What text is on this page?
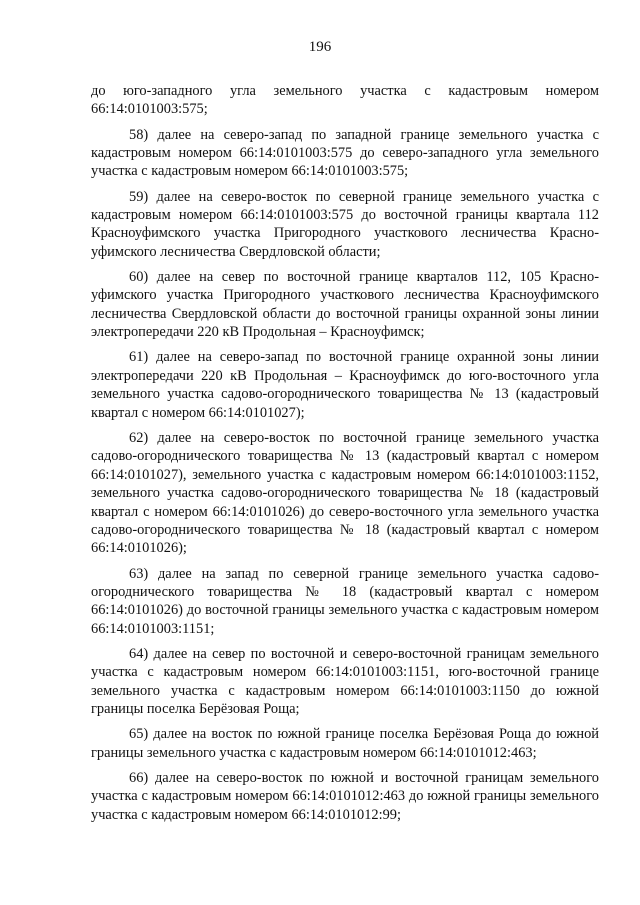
196

до юго-западного угла земельного участка с кадастровым номером 66:14:0101003:575;

58) далее на северо-запад по западной границе земельного участка с кадастровым номером 66:14:0101003:575 до северо-западного угла земельного участка с кадастровым номером 66:14:0101003:575;

59) далее на северо-восток по северной границе земельного участка с кадастровым номером 66:14:0101003:575 до восточной границы квартала 112 Красноуфимского участка Пригородного участкового лесничества Красноуфимского лесничества Свердловской области;

60) далее на север по восточной границе кварталов 112, 105 Красноуфимского участка Пригородного участкового лесничества Красноуфимского лесничества Свердловской области до восточной границы охранной зоны линии электропередачи 220 кВ Продольная – Красноуфимск;

61) далее на северо-запад по восточной границе охранной зоны линии электропередачи 220 кВ Продольная – Красноуфимск до юго-восточного угла земельного участка садово-огороднического товарищества № 13 (кадастровый квартал с номером 66:14:0101027);

62) далее на северо-восток по восточной границе земельного участка садово-огороднического товарищества № 13 (кадастровый квартал с номером 66:14:0101027), земельного участка с кадастровым номером 66:14:0101003:1152, земельного участка садово-огороднического товарищества № 18 (кадастровый квартал с номером 66:14:0101026) до северо-восточного угла земельного участка садово-огороднического товарищества № 18 (кадастровый квартал с номером 66:14:0101026);

63) далее на запад по северной границе земельного участка садово-огороднического товарищества № 18 (кадастровый квартал с номером 66:14:0101026) до восточной границы земельного участка с кадастровым номером 66:14:0101003:1151;

64) далее на север по восточной и северо-восточной границам земельного участка с кадастровым номером 66:14:0101003:1151, юго-восточной границе земельного участка с кадастровым номером 66:14:0101003:1150 до южной границы поселка Берёзовая Роща;

65) далее на восток по южной границе поселка Берёзовая Роща до южной границы земельного участка с кадастровым номером 66:14:0101012:463;

66) далее на северо-восток по южной и восточной границам земельного участка с кадастровым номером 66:14:0101012:463 до южной границы земельного участка с кадастровым номером 66:14:0101012:99;
